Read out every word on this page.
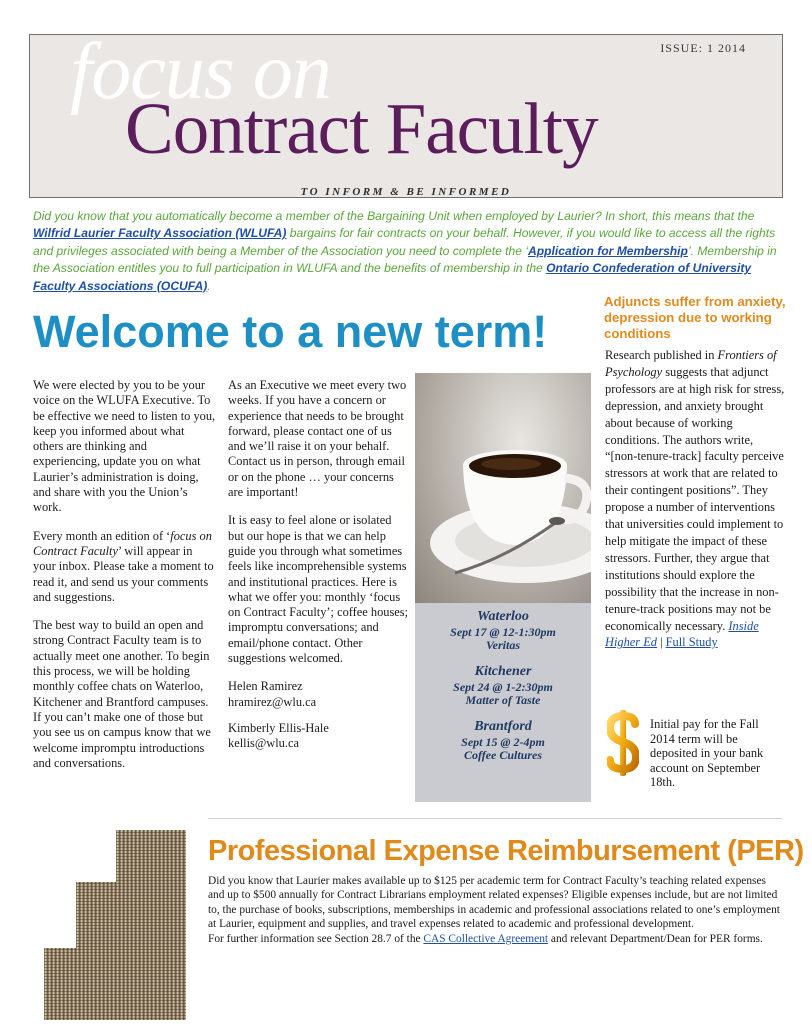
ISSUE: 1 2014
focus on
Contract Faculty
TO INFORM & BE INFORMED

Did you know that you automatically become a member of the Bargaining Unit when employed by Laurier? In short, this means that the Wilfrid Laurier Faculty Association (WLUFA) bargains for fair contracts on your behalf. However, if you would like to access all the rights and privileges associated with being a Member of the Association you need to complete the ‘Application for Membership’. Membership in the Association entitles you to full participation in WLUFA and the benefits of membership in the Ontario Confederation of University Faculty Associations (OCUFA).

Welcome to a new term!

We were elected by you to be your voice on the WLUFA Executive. To be effective we need to listen to you, keep you informed about what others are thinking and experiencing, update you on what Laurier’s administration is doing, and share with you the Union’s work.

Every month an edition of ‘focus on Contract Faculty’ will appear in your inbox. Please take a moment to read it, and send us your comments and suggestions.

The best way to build an open and strong Contract Faculty team is to actually meet one another. To begin this process, we will be holding monthly coffee chats on Waterloo, Kitchener and Brantford campuses. If you can’t make one of those but you see us on campus know that we welcome impromptu introductions and conversations.

As an Executive we meet every two weeks. If you have a concern or experience that needs to be brought forward, please contact one of us and we’ll raise it on your behalf. Contact us in person, through email or on the phone … your concerns are important!

It is easy to feel alone or isolated but our hope is that we can help guide you through what sometimes feels like incomprehensible systems and institutional practices. Here is what we offer you: monthly ‘focus on Contract Faculty’; coffee houses; impromptu conversations; and email/phone contact. Other suggestions welcomed.

Helen Ramirez
hramirez@wlu.ca

Kimberly Ellis-Hale
kellis@wlu.ca

Waterloo
Sept 17 @ 12-1:30pm
Veritas
Kitchener
Sept 24 @ 1-2:30pm
Matter of Taste
Brantford
Sept 15 @ 2-4pm
Coffee Cultures
Adjuncts suffer from anxiety, depression due to working conditions

Research published in Frontiers of Psychology suggests that adjunct professors are at high risk for stress, depression, and anxiety brought about because of working conditions. The authors write, “[non-tenure-track] faculty perceive stressors at work that are related to their contingent positions”. They propose a number of interventions that universities could implement to help mitigate the impact of these stressors. Further, they argue that institutions should explore the possibility that the increase in non-tenure-track positions may not be economically necessary. Inside Higher Ed | Full Study

Initial pay for the Fall 2014 term will be deposited in your bank account on September 18th.

Professional Expense Reimbursement (PER)

Did you know that Laurier makes available up to $125 per academic term for Contract Faculty’s teaching related expenses and up to $500 annually for Contract Librarians employment related expenses? Eligible expenses include, but are not limited to, the purchase of books, subscriptions, memberships in academic and professional associations related to one’s employment at Laurier, equipment and supplies, and travel expenses related to academic and professional development.

For further information see Section 28.7 of the CAS Collective Agreement and relevant Department/Dean for PER forms.
